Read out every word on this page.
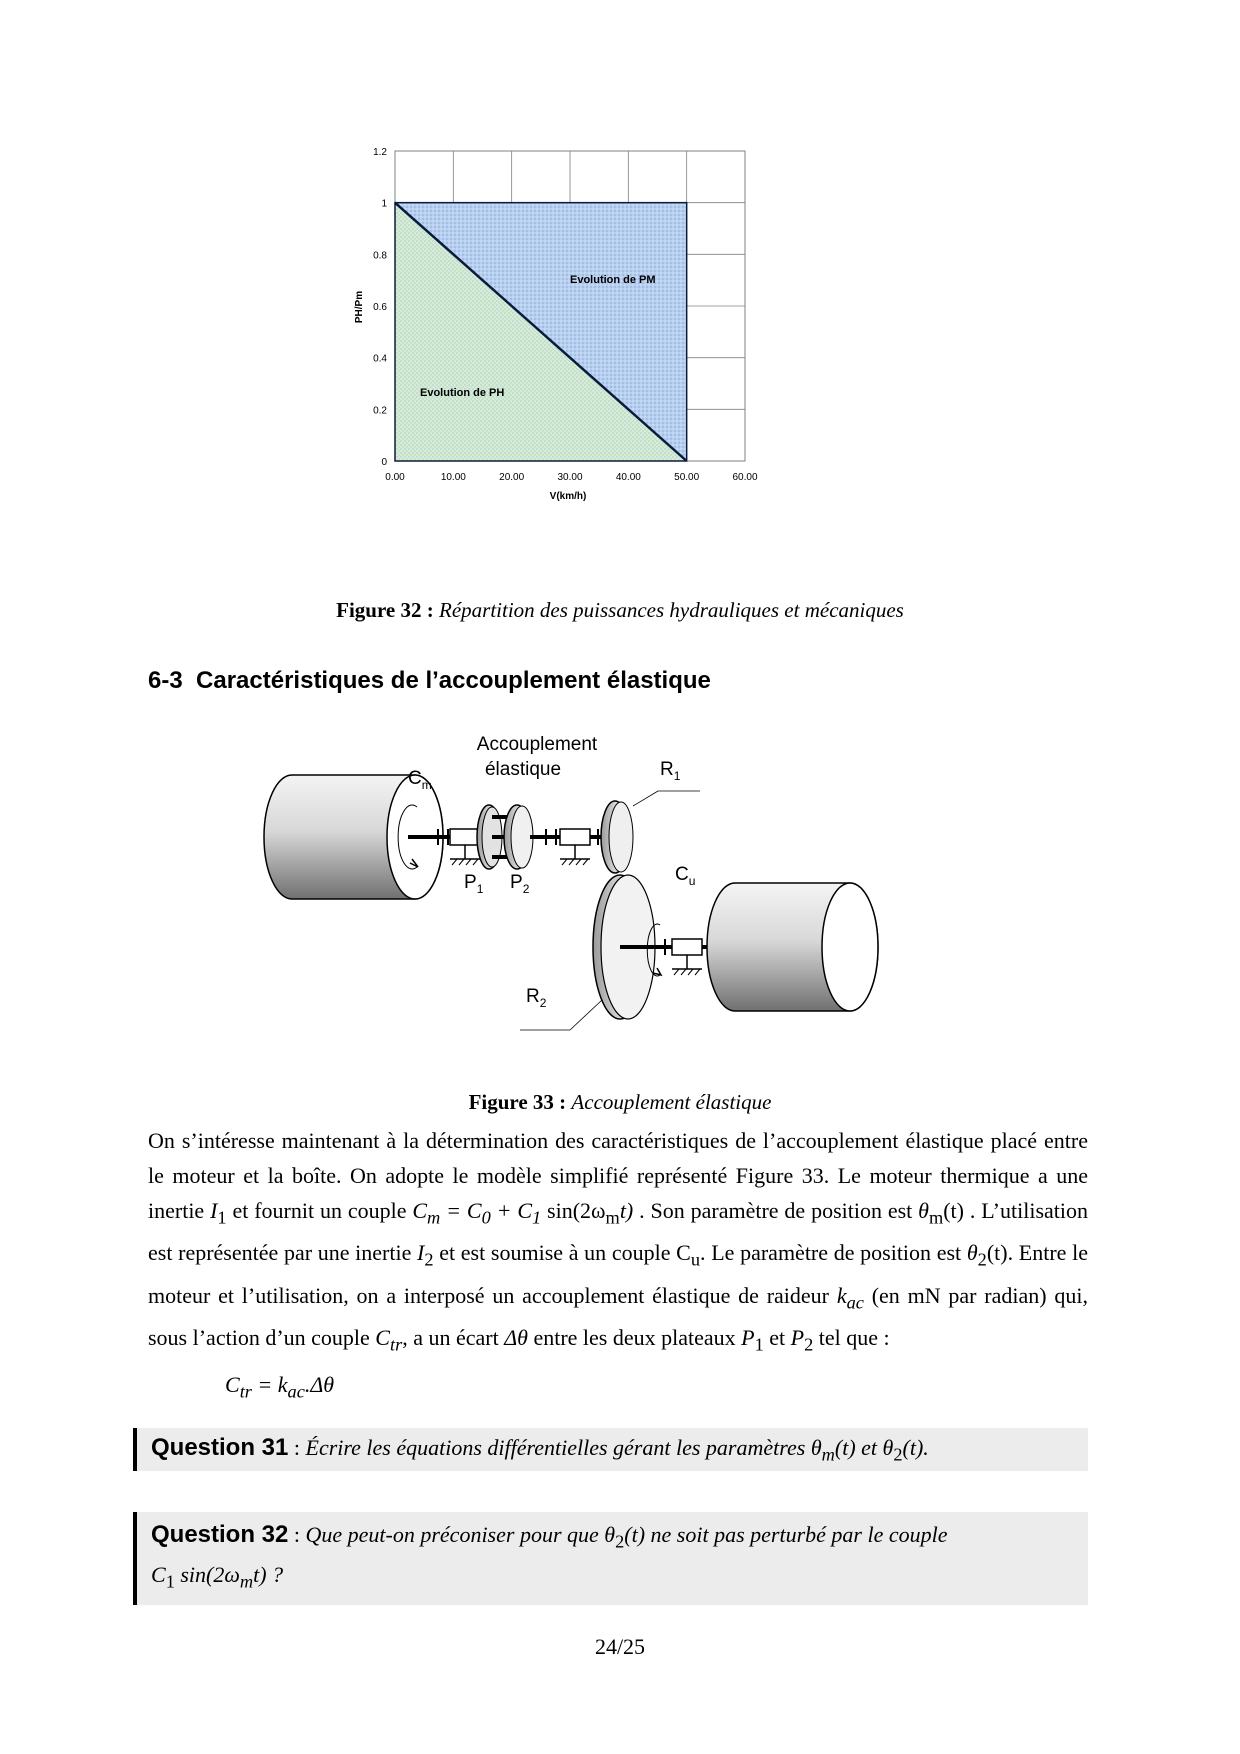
0.00	10.00	20.00	30.00	40.00	50.00	60.00
0
0.2
0.4
0.6
0.8
1
1.2
Evolution de PM
Evolution de PH
V(km/h)
PH/Pm
Figure 32 : Répartition des puissances hydrauliques et mécaniques
6-3 Caractéristiques de l’accouplement élastique
Accouplement
élastique
$C_m$
$R_1$
$C_u$
$P_1$ $P_2$
$R_2$
Figure 33 : Accouplement élastique
On s’intéresse maintenant à la détermination des caractéristiques de l’accouplement élastique placé entre le moteur et la boîte. On adopte le modèle simplifié représenté Figure 33. Le moteur thermique a une inertie $I_1$ et fournit un couple $C_m = C_0 + C_1$ $\sin(2\omega_mt)$ . Son paramètre de position est $\theta_m(t)$ . L’utilisation est représentée par une inertie $I_2$ et est soumise à un couple $C_u$. Le paramètre de position est $\theta_2(t)$. Entre le moteur et l’utilisation, on a interposé un accouplement élastique de raideur $k_{ac}$ (en mN par radian) qui, sous l’action d’un couple $C_{tr}$, a un écart Δθ entre les deux plateaux $P_1$ et $P_2$ tel que :
$C_{tr} = k_{ac}.\Delta\theta$
Question 31 : Écrire les équations différentielles gérant les paramètres $\theta_m(t)$ et $\theta_2(t)$.
Question 32 : Que peut-on préconiser pour que $\theta_2(t)$ ne soit pas perturbé par le couple
$C_1$ $\sin(2\omega_mt)$ ?
24/25
